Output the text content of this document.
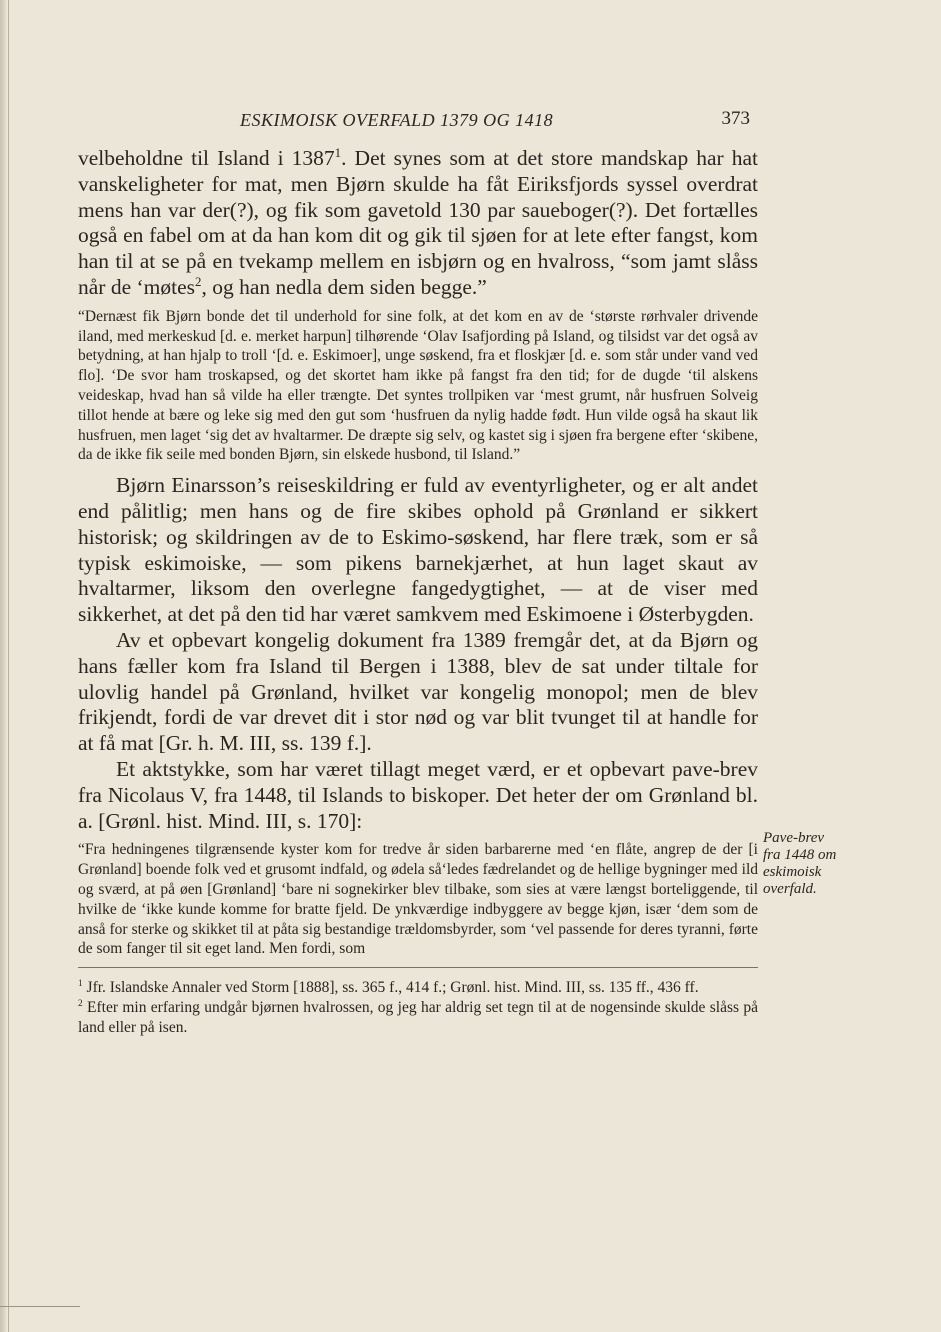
ESKIMOISK OVERFALD 1379 OG 1418	373

velbeholdne til Island i 1387$^1$. Det synes som at det store mandskap har hat vanskeligheter for mat, men Bjørn skulde ha fåt Eiriksfjords syssel overdrat mens han var der(?), og fik som gavetold 130 par saueboger(?). Det fortælles også en fabel om at da han kom dit og gik til sjøen for at lete efter fangst, kom han til at se på en tvekamp mellem en isbjørn og en hvalross, “som jamt slåss når de ‘møtes$^2$, og han nedla dem siden begge.”

“Dernæst fik Bjørn bonde det til underhold for sine folk, at det kom en av de ‘største rørhvaler drivende iland, med merkeskud [d. e. merket harpun] tilhørende ‘Olav Isafjording på Island, og tilsidst var det også av betydning, at han hjalp to troll ‘[d. e. Eskimoer], unge søskend, fra et floskjær [d. e. som står under vand ved flo]. ‘De svor ham troskapsed, og det skortet ham ikke på fangst fra den tid; for de dugde ‘til alskens veideskap, hvad han så vilde ha eller trængte. Det syntes trollpiken var ‘mest grumt, når husfruen Solveig tillot hende at bære og leke sig med den gut som ‘husfruen da nylig hadde født. Hun vilde også ha skaut lik husfruen, men laget ‘sig det av hvaltarmer. De dræpte sig selv, og kastet sig i sjøen fra bergene efter ‘skibene, da de ikke fik seile med bonden Bjørn, sin elskede husbond, til Island.”

Bjørn Einarsson’s reiseskildring er fuld av eventyrligheter, og er alt andet end pålitlig; men hans og de fire skibes ophold på Grønland er sikkert historisk; og skildringen av de to Eskimo-søskend, har flere træk, som er så typisk eskimoiske, — som pikens barnekjærhet, at hun laget skaut av hvaltarmer, liksom den overlegne fangedygtighet, — at de viser med sikkerhet, at det på den tid har været samkvem med Eskimoene i Østerbygden.

Av et opbevart kongelig dokument fra 1389 fremgår det, at da Bjørn og hans fæller kom fra Island til Bergen i 1388, blev de sat under tiltale for ulovlig handel på Grønland, hvilket var kongelig monopol; men de blev frikjendt, fordi de var drevet dit i stor nød og var blit tvunget til at handle for at få mat [Gr. h. M. III, ss. 139 f.].

Et aktstykke, som har været tillagt meget værd, er et opbevart pave-brev fra Nicolaus V, fra 1448, til Islands to biskoper. Det heter der om Grønland bl. a. [Grønl. hist. Mind. III, s. 170]:

“Fra hedningenes tilgrænsende kyster kom for tredve år siden barbarerne med ‘en flåte, angrep de der [i Grønland] boende folk ved et grusomt indfald, og ødela så‘ledes fædrelandet og de hellige bygninger med ild og sværd, at på øen [Grønland] ‘bare ni sognekirker blev tilbake, som sies at være længst borteliggende, til hvilke de ‘ikke kunde komme for bratte fjeld. De ynkværdige indbyggere av begge kjøn, især ‘dem som de anså for sterke og skikket til at påta sig bestandige trældomsbyrder, som ‘vel passende for deres tyranni, førte de som fanger til sit eget land. Men fordi, som

$^1$ Jfr. Islandske Annaler ved Storm [1888], ss. 365 f., 414 f.; Grønl. hist. Mind. III, ss. 135 ff., 436 ff.

$^2$ Efter min erfaring undgår bjørnen hvalrossen, og jeg har aldrig set tegn til at de nogensinde skulde slåss på land eller på isen.

Pave-brev
fra 1448 om
eskimoisk
overfald.
